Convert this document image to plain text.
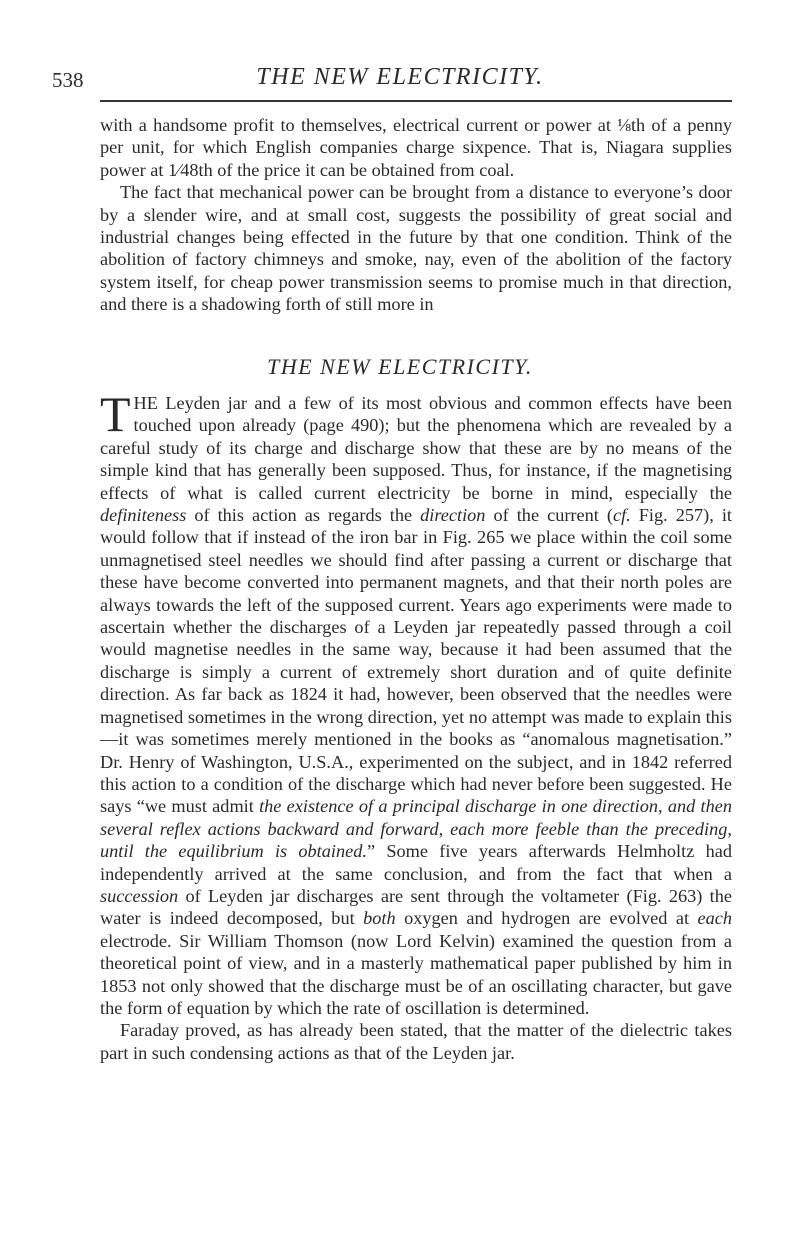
538	THE NEW ELECTRICITY.

with a handsome profit to themselves, electrical current or power at ⅛th of a penny per unit, for which English companies charge sixpence. That is, Niagara supplies power at 1⁄48th of the price it can be obtained from coal.

The fact that mechanical power can be brought from a distance to everyone’s door by a slender wire, and at small cost, suggests the possibility of great social and industrial changes being effected in the future by that one condition. Think of the abolition of factory chimneys and smoke, nay, even of the abolition of the factory system itself, for cheap power transmission seems to promise much in that direction, and there is a shadowing forth of still more in

THE NEW ELECTRICITY.

THE Leyden jar and a few of its most obvious and common effects have been touched upon already (page 490); but the phenomena which are revealed by a careful study of its charge and discharge show that these are by no means of the simple kind that has generally been supposed. Thus, for instance, if the magnetising effects of what is called current electricity be borne in mind, especially the definiteness of this action as regards the direction of the current (cf. Fig. 257), it would follow that if instead of the iron bar in Fig. 265 we place within the coil some unmagnetised steel needles we should find after passing a current or discharge that these have become converted into permanent magnets, and that their north poles are always towards the left of the supposed current. Years ago experiments were made to ascertain whether the discharges of a Leyden jar repeatedly passed through a coil would magnetise needles in the same way, because it had been assumed that the discharge is simply a current of extremely short duration and of quite definite direction. As far back as 1824 it had, however, been observed that the needles were magnetised sometimes in the wrong direction, yet no attempt was made to explain this—it was sometimes merely mentioned in the books as “anomalous magnetisation.” Dr. Henry of Washington, U.S.A., experimented on the subject, and in 1842 referred this action to a condition of the discharge which had never before been suggested. He says “we must admit the existence of a principal discharge in one direction, and then several reflex actions backward and forward, each more feeble than the preceding, until the equilibrium is obtained.” Some five years afterwards Helmholtz had independently arrived at the same conclusion, and from the fact that when a succession of Leyden jar discharges are sent through the voltameter (Fig. 263) the water is indeed decomposed, but both oxygen and hydrogen are evolved at each electrode. Sir William Thomson (now Lord Kelvin) examined the question from a theoretical point of view, and in a masterly mathematical paper published by him in 1853 not only showed that the discharge must be of an oscillating character, but gave the form of equation by which the rate of oscillation is determined.

Faraday proved, as has already been stated, that the matter of the dielectric takes part in such condensing actions as that of the Leyden jar.
